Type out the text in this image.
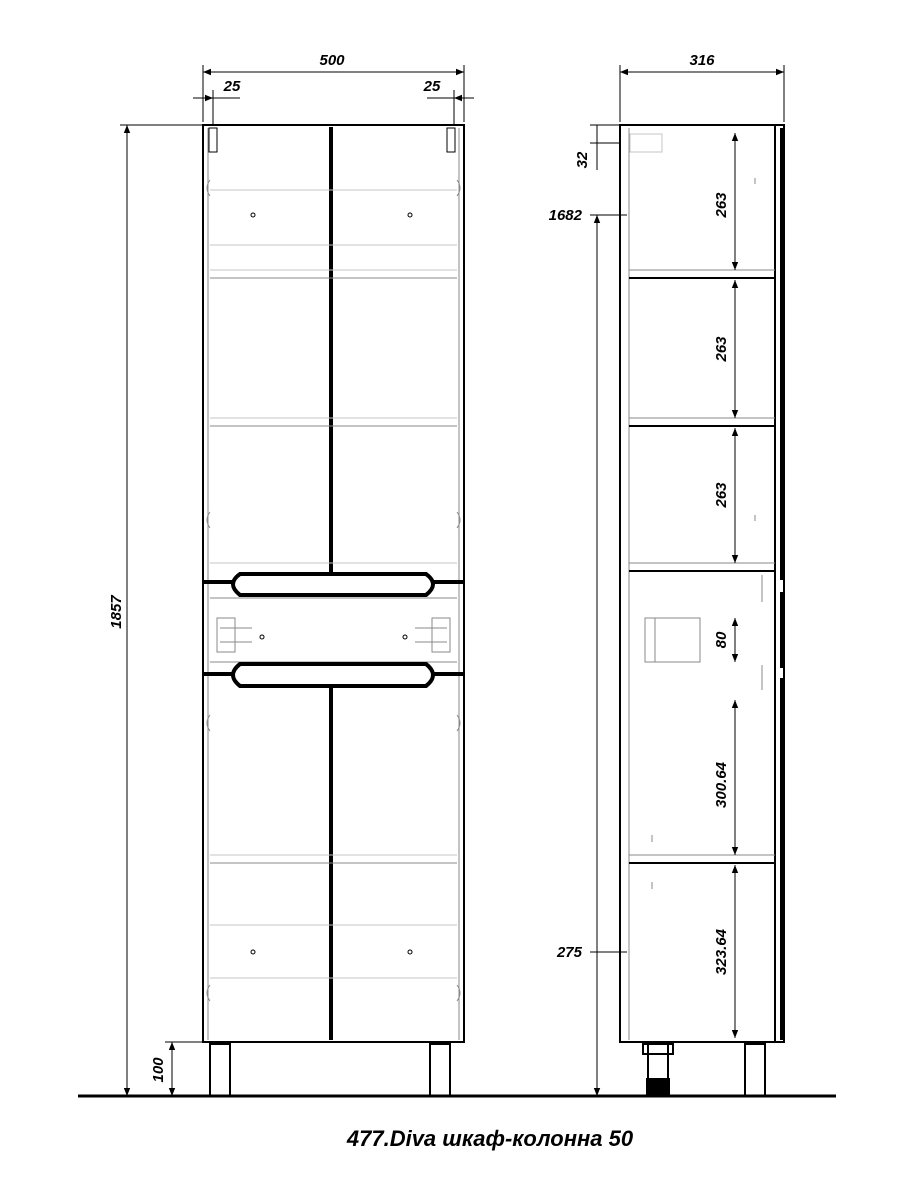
500
25	25
1857
100
316
32
1682
275
263
263
263
80
300.64
323.64
477.Diva шкаф-колонна 50
